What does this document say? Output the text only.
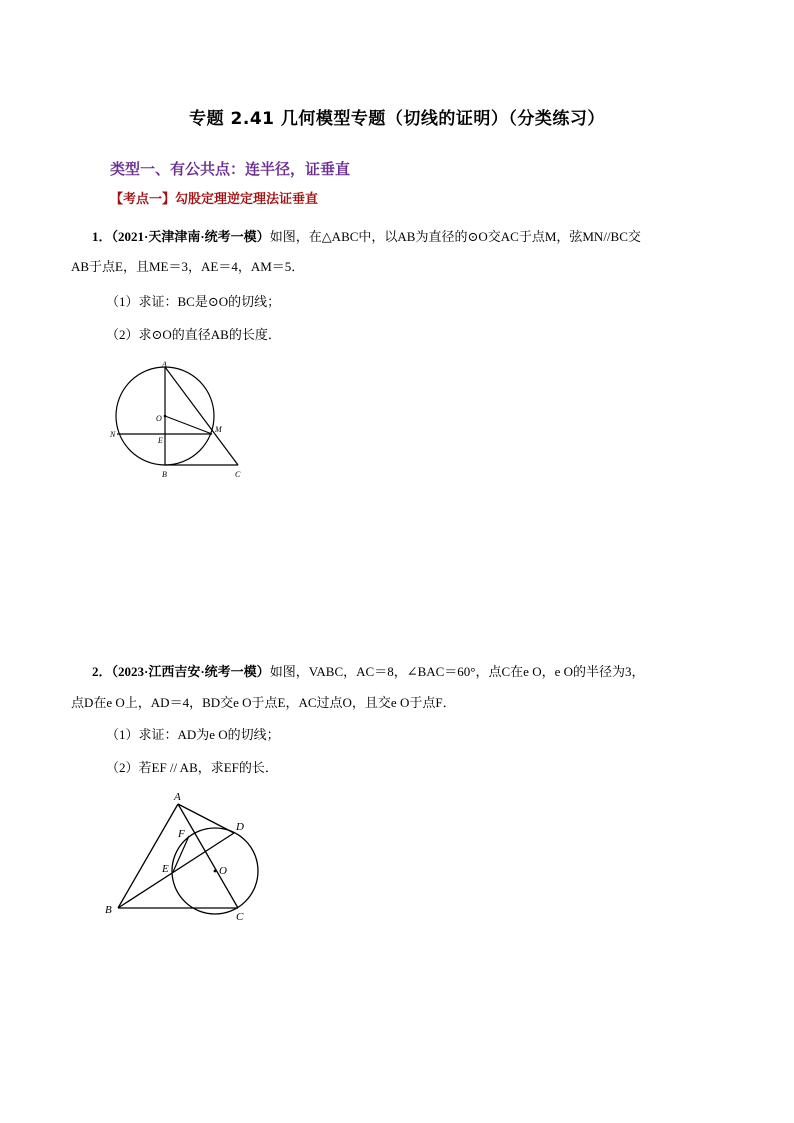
专题 2.41 几何模型专题（切线的证明）（分类练习）
类型一、有公共点：连半径，证垂直
【考点一】勾股定理逆定理法证垂直
1．（2021·天津津南·统考一模）如图，在△ABC中，以AB为直径的⊙O交AC于点M，弦MN//BC交
AB于点E，且ME＝3，AE＝4，AM＝5．
（1）求证：BC是⊙O的切线；
（2）求⊙O的直径AB的长度．
A
O
N
E
M
B	C
2．（2023·江西吉安·统考一模）如图，VABC，AC＝8，∠BAC＝60°，点C在e O，e O的半径为3，
点D在e O上，AD＝4，BD交e O于点E，AC过点O，且交e O于点F．
（1）求证：AD为e O的切线；
（2）若EF // AB，求EF的长．
A
F
D
O
E
B
C
